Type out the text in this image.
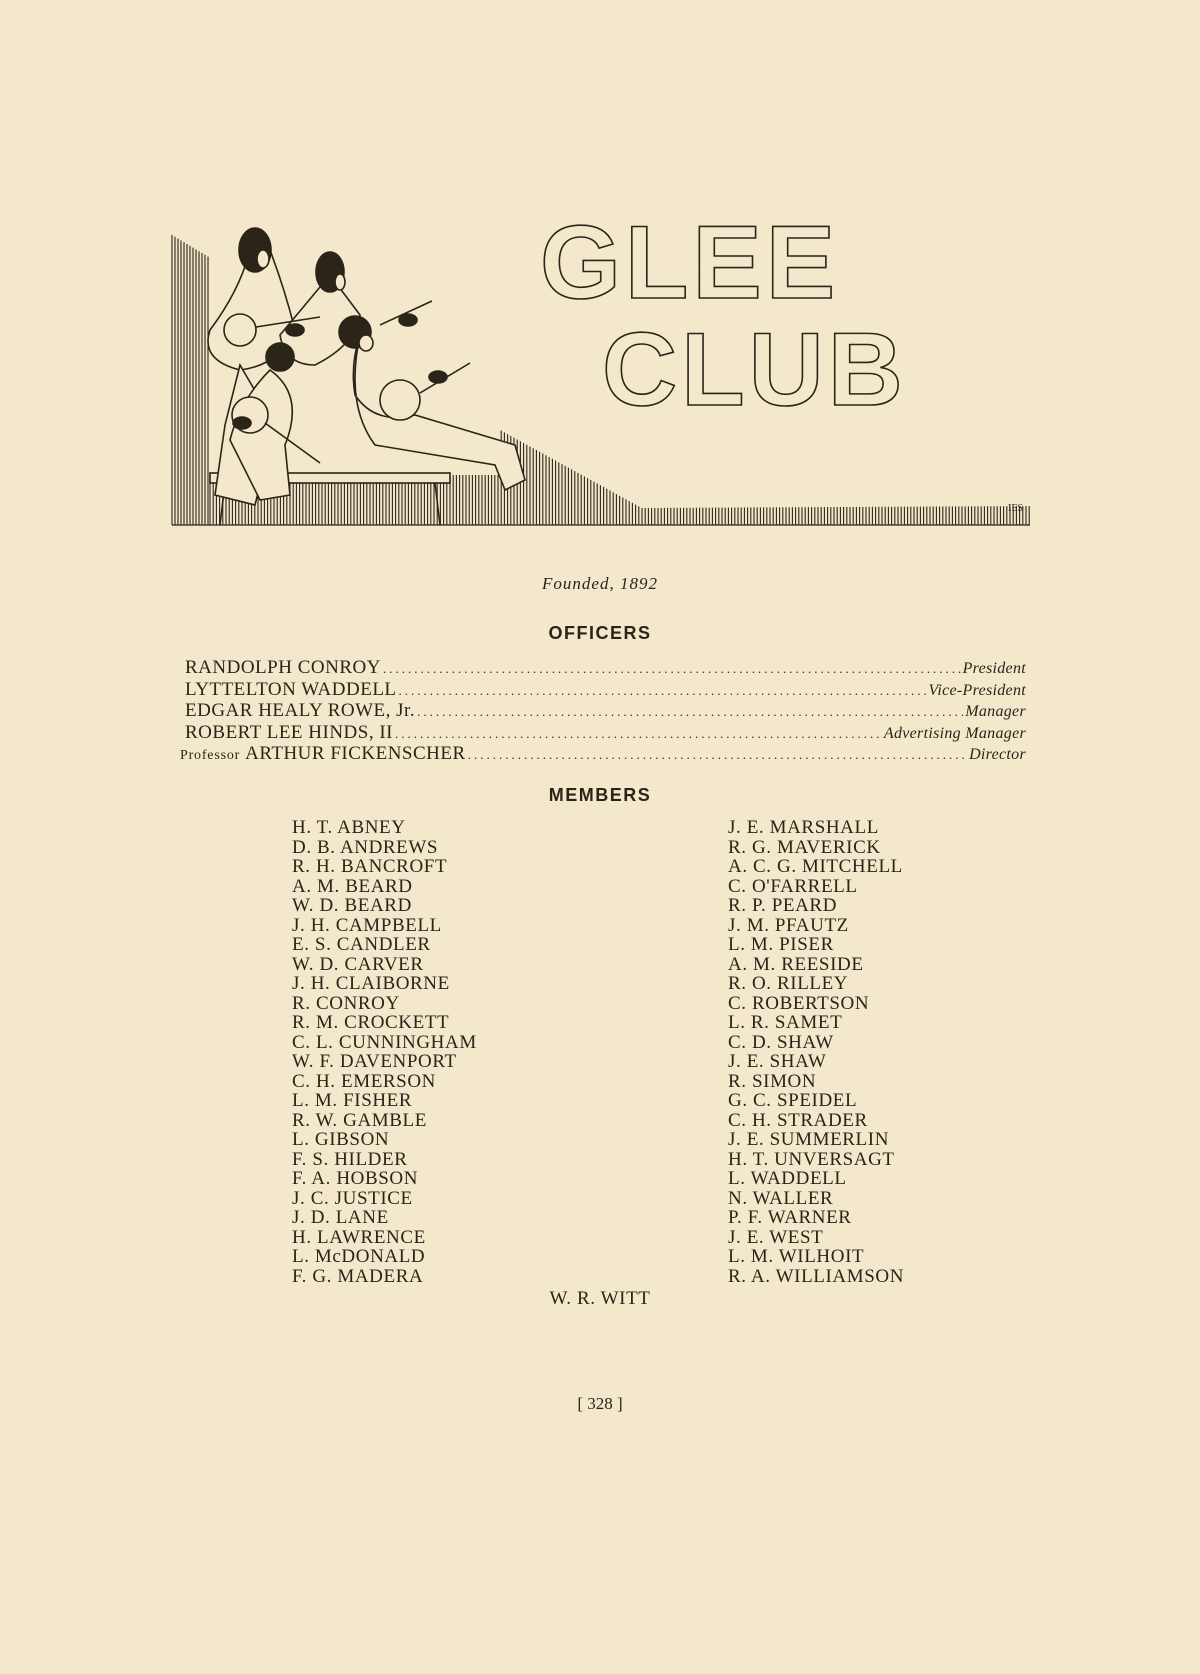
GLEE
CLUB
IES
Founded, 1892
OFFICERS
RANDOLPH CONROY .....	President
LYTTELTON WADDELL .....	Vice-President
EDGAR HEALY ROWE, Jr. .....	Manager
ROBERT LEE HINDS, II .....	Advertising Manager
Professor ARTHUR FICKENSCHER .....	Director
MEMBERS
H. T. ABNEY
D. B. ANDREWS
R. H. BANCROFT
A. M. BEARD
W. D. BEARD
J. H. CAMPBELL
E. S. CANDLER
W. D. CARVER
J. H. CLAIBORNE
R. CONROY
R. M. CROCKETT
C. L. CUNNINGHAM
W. F. DAVENPORT
C. H. EMERSON
L. M. FISHER
R. W. GAMBLE
L. GIBSON
F. S. HILDER
F. A. HOBSON
J. C. JUSTICE
J. D. LANE
H. LAWRENCE
L. McDONALD
F. G. MADERA
J. E. MARSHALL
R. G. MAVERICK
A. C. G. MITCHELL
C. O'FARRELL
R. P. PEARD
J. M. PFAUTZ
L. M. PISER
A. M. REESIDE
R. O. RILLEY
C. ROBERTSON
L. R. SAMET
C. D. SHAW
J. E. SHAW
R. SIMON
G. C. SPEIDEL
C. H. STRADER
J. E. SUMMERLIN
H. T. UNVERSAGT
L. WADDELL
N. WALLER
P. F. WARNER
J. E. WEST
L. M. WILHOIT
R. A. WILLIAMSON
W. R. WITT
[ 328 ]
